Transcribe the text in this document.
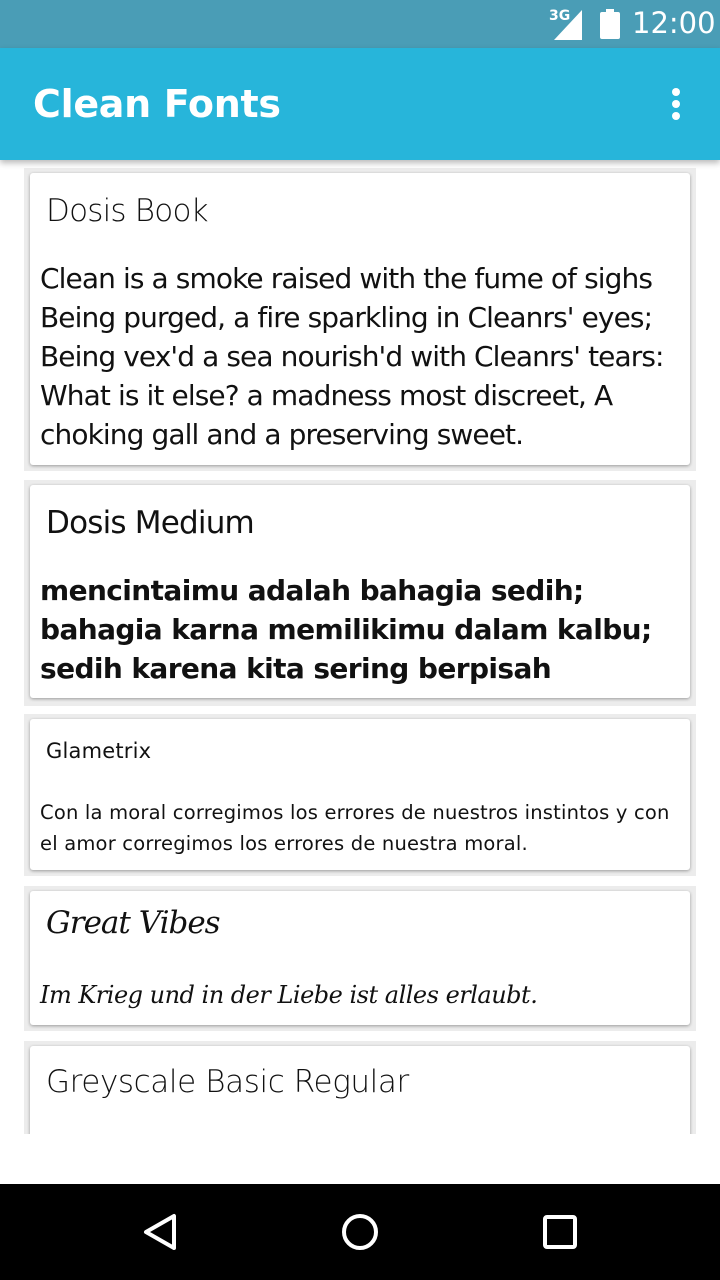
3G 12:00
Clean Fonts
Dosis Book
Clean is a smoke raised with the fume of sighs Being purged, a fire sparkling in Cleanrs' eyes; Being vex'd a sea nourish'd with Cleanrs' tears: What is it else? a madness most discreet, A choking gall and a preserving sweet.
Dosis Medium
mencintaimu adalah bahagia sedih; bahagia karna memilikimu dalam kalbu; sedih karena kita sering berpisah
Glametrix
Con la moral corregimos los errores de nuestros instintos y con el amor corregimos los errores de nuestra moral.
Great Vibes
Im Krieg und in der Liebe ist alles erlaubt.
Greyscale Basic Regular
